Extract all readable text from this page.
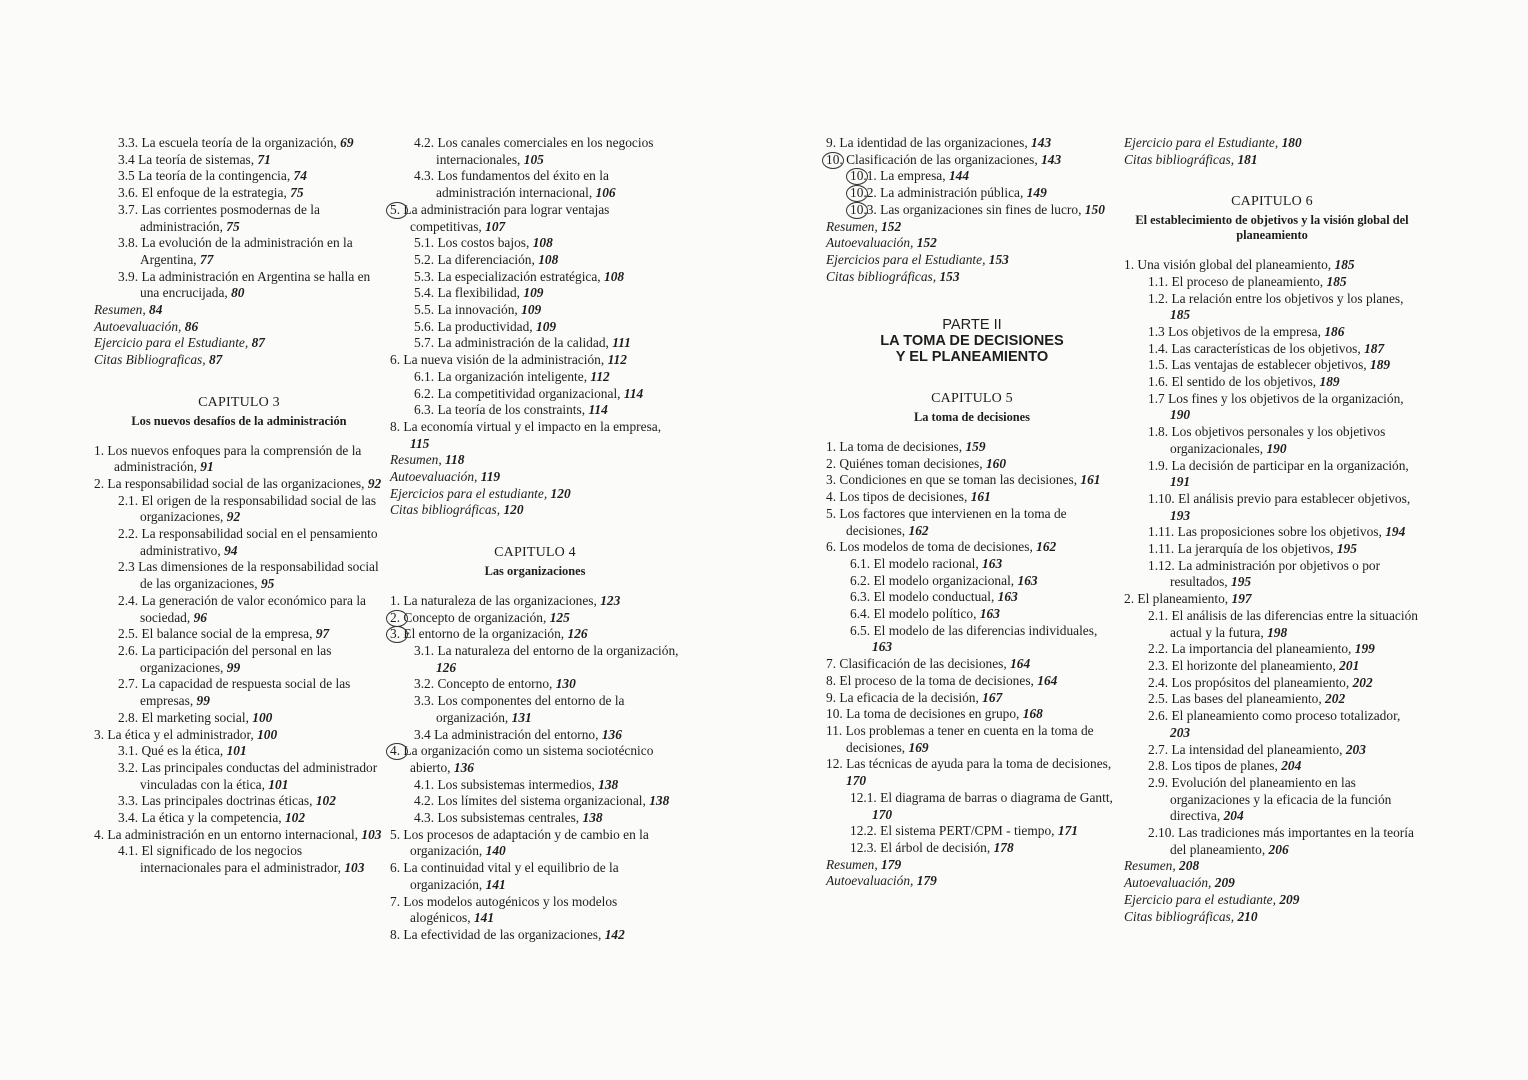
3.3. La escuela teoría de la organización, 69
3.4 La teoría de sistemas, 71
3.5 La teoría de la contingencia, 74
3.6. El enfoque de la estrategia, 75
3.7. Las corrientes posmodernas de la administración, 75
3.8. La evolución de la administración en la Argentina, 77
3.9. La administración en Argentina se halla en una encrucijada, 80
Resumen, 84
Autoevaluación, 86
Ejercicio para el Estudiante, 87
Citas Bibliograficas, 87
CAPITULO 3
Los nuevos desafíos de la administración
1. Los nuevos enfoques para la comprensión de la administración, 91
2. La responsabilidad social de las organizaciones, 92
2.1. El origen de la responsabilidad social de las organizaciones, 92
2.2. La responsabilidad social en el pensamiento administrativo, 94
2.3 Las dimensiones de la responsabilidad social de las organizaciones, 95
2.4. La generación de valor económico para la sociedad, 96
2.5. El balance social de la empresa, 97
2.6. La participación del personal en las organizaciones, 99
2.7. La capacidad de respuesta social de las empresas, 99
2.8. El marketing social, 100
3. La ética y el administrador, 100
3.1. Qué es la ética, 101
3.2. Las principales conductas del administrador vinculadas con la ética, 101
3.3. Las principales doctrinas éticas, 102
3.4. La ética y la competencia, 102
4. La administración en un entorno internacional, 103
4.1. El significado de los negocios internacionales para el administrador, 103
4.2. Los canales comerciales en los negocios internacionales, 105
4.3. Los fundamentos del éxito en la administración internacional, 106
5. La administración para lograr ventajas competitivas, 107
5.1. Los costos bajos, 108
5.2. La diferenciación, 108
5.3. La especialización estratégica, 108
5.4. La flexibilidad, 109
5.5. La innovación, 109
5.6. La productividad, 109
5.7. La administración de la calidad, 111
6. La nueva visión de la administración, 112
6.1. La organización inteligente, 112
6.2. La competitividad organizacional, 114
6.3. La teoría de los constraints, 114
8. La economía virtual y el impacto en la empresa, 115
Resumen, 118
Autoevaluación, 119
Ejercicios para el estudiante, 120
Citas bibliográficas, 120
CAPITULO 4
Las organizaciones
1. La naturaleza de las organizaciones, 123
2. Concepto de organización, 125
3. El entorno de la organización, 126
3.1. La naturaleza del entorno de la organización, 126
3.2. Concepto de entorno, 130
3.3. Los componentes del entorno de la organización, 131
3.4 La administración del entorno, 136
4. La organización como un sistema sociotécnico abierto, 136
4.1. Los subsistemas intermedios, 138
4.2. Los límites del sistema organizacional, 138
4.3. Los subsistemas centrales, 138
5. Los procesos de adaptación y de cambio en la organización, 140
6. La continuidad vital y el equilibrio de la organización, 141
7. Los modelos autogénicos y los modelos alogénicos, 141
8. La efectividad de las organizaciones, 142
9. La identidad de las organizaciones, 143
10. Clasificación de las organizaciones, 143
10.1. La empresa, 144
10.2. La administración pública, 149
10.3. Las organizaciones sin fines de lucro, 150
Resumen, 152
Autoevaluación, 152
Ejercicios para el Estudiante, 153
Citas bibliográficas, 153
PARTE II
LA TOMA DE DECISIONES
Y EL PLANEAMIENTO
CAPITULO 5
La toma de decisiones
1. La toma de decisiones, 159
2. Quiénes toman decisiones, 160
3. Condiciones en que se toman las decisiones, 161
4. Los tipos de decisiones, 161
5. Los factores que intervienen en la toma de decisiones, 162
6. Los modelos de toma de decisiones, 162
6.1. El modelo racional, 163
6.2. El modelo organizacional, 163
6.3. El modelo conductual, 163
6.4. El modelo político, 163
6.5. El modelo de las diferencias individuales, 163
7. Clasificación de las decisiones, 164
8. El proceso de la toma de decisiones, 164
9. La eficacia de la decisión, 167
10. La toma de decisiones en grupo, 168
11. Los problemas a tener en cuenta en la toma de decisiones, 169
12. Las técnicas de ayuda para la toma de decisiones, 170
12.1. El diagrama de barras o diagrama de Gantt, 170
12.2. El sistema PERT/CPM - tiempo, 171
12.3. El árbol de decisión, 178
Resumen, 179
Autoevaluación, 179
Ejercicio para el Estudiante, 180
Citas bibliográficas, 181
CAPITULO 6
El establecimiento de objetivos y la visión global del planeamiento
1. Una visión global del planeamiento, 185
1.1. El proceso de planeamiento, 185
1.2. La relación entre los objetivos y los planes, 185
1.3 Los objetivos de la empresa, 186
1.4. Las características de los objetivos, 187
1.5. Las ventajas de establecer objetivos, 189
1.6. El sentido de los objetivos, 189
1.7 Los fines y los objetivos de la organización, 190
1.8. Los objetivos personales y los objetivos organizacionales, 190
1.9. La decisión de participar en la organización, 191
1.10. El análisis previo para establecer objetivos, 193
1.11. Las proposiciones sobre los objetivos, 194
1.11. La jerarquía de los objetivos, 195
1.12. La administración por objetivos o por resultados, 195
2. El planeamiento, 197
2.1. El análisis de las diferencias entre la situación actual y la futura, 198
2.2. La importancia del planeamiento, 199
2.3. El horizonte del planeamiento, 201
2.4. Los propósitos del planeamiento, 202
2.5. Las bases del planeamiento, 202
2.6. El planeamiento como proceso totalizador, 203
2.7. La intensidad del planeamiento, 203
2.8. Los tipos de planes, 204
2.9. Evolución del planeamiento en las organizaciones y la eficacia de la función directiva, 204
2.10. Las tradiciones más importantes en la teoría del planeamiento, 206
Resumen, 208
Autoevaluación, 209
Ejercicio para el estudiante, 209
Citas bibliográficas, 210
